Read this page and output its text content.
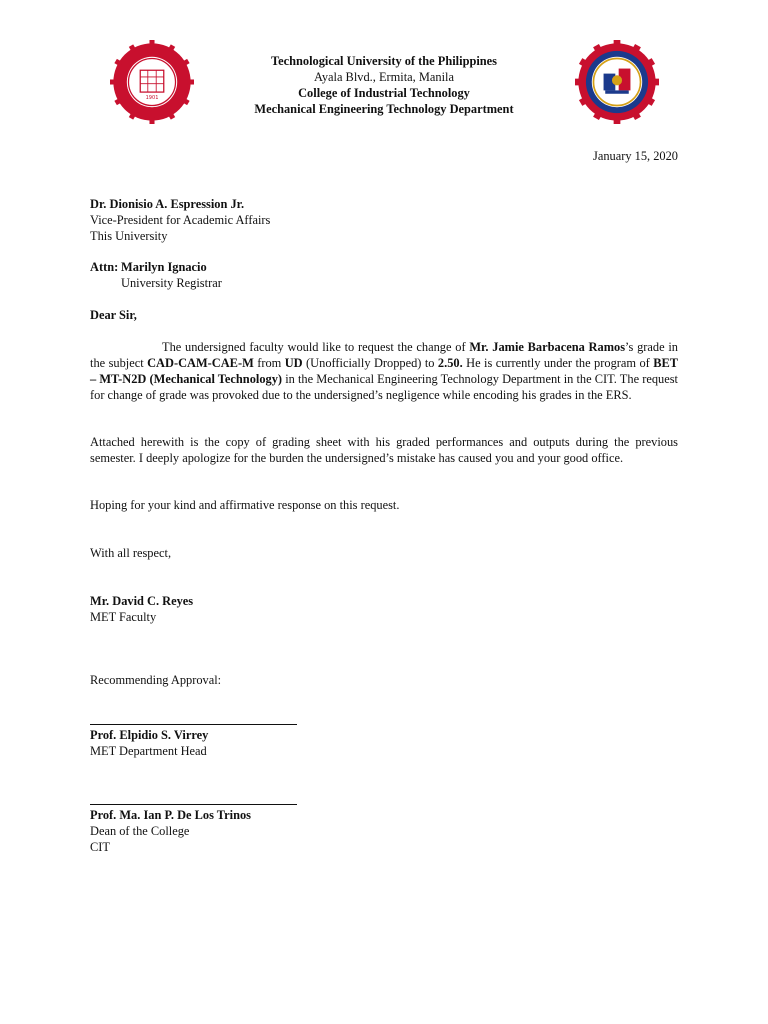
1901
Technological University of the Philippines
Ayala Blvd., Ermita, Manila
College of Industrial Technology
Mechanical Engineering Technology Department
January 15, 2020
Dr. Dionisio A. Espression Jr.
Vice-President for Academic Affairs
This University
Attn: Marilyn Ignacio
University Registrar
Dear Sir,
The undersigned faculty would like to request the change of Mr. Jamie Barbacena Ramos’s grade in the subject CAD-CAM-CAE-M from UD (Unofficially Dropped) to 2.50. He is currently under the program of BET – MT-N2D (Mechanical Technology) in the Mechanical Engineering Technology Department in the CIT. The request for change of grade was provoked due to the undersigned’s negligence while encoding his grades in the ERS.
Attached herewith is the copy of grading sheet with his graded performances and outputs during the previous semester. I deeply apologize for the burden the undersigned’s mistake has caused you and your good office.
Hoping for your kind and affirmative response on this request.
With all respect,
Mr. David C. Reyes
MET Faculty
Recommending Approval:
Prof. Elpidio S. Virrey
MET Department Head
Prof. Ma. Ian P. De Los Trinos
Dean of the College
CIT
